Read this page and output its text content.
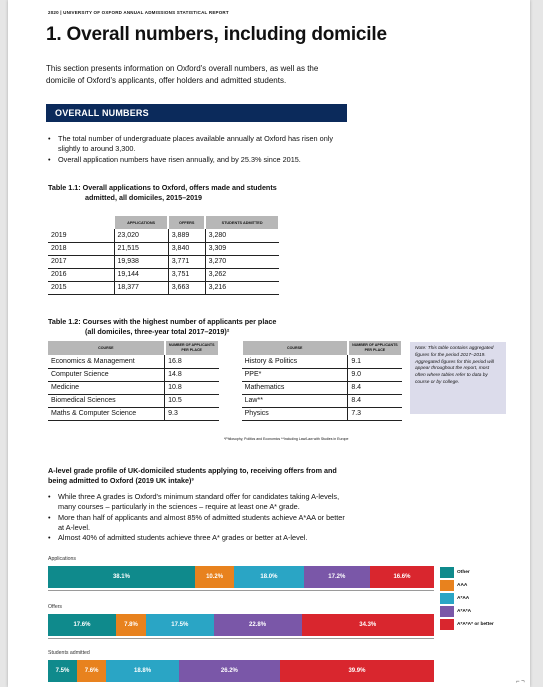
2020 | UNIVERSITY OF OXFORD ANNUAL ADMISSIONS STATISTICAL REPORT
1. Overall numbers, including domicile
This section presents information on Oxford's overall numbers, as well as the domicile of Oxford's applicants, offer holders and admitted students.
OVERALL NUMBERS
• The total number of undergraduate places available annually at Oxford has risen only slightly to around 3,300.
• Overall application numbers have risen annually, and by 25.3% since 2015.
Table 1.1: Overall applications to Oxford, offers made and students
admitted, all domiciles, 2015–2019
	APPLICATIONS	OFFERS	STUDENTS ADMITTED
2019	23,020	3,889	3,280
2018	21,515	3,840	3,309
2017	19,938	3,771	3,270
2016	19,144	3,751	3,262
2015	18,377	3,663	3,216
Table 1.2: Courses with the highest number of applicants per place
(all domiciles, three-year total 2017–2019)²
COURSE	NUMBER OF APPLICANTS PER PLACE		COURSE	NUMBER OF APPLICANTS PER PLACE
Economics & Management	16.8		History & Politics	9.1
Computer Science	14.8		PPE*	9.0
Medicine	10.8		Mathematics	8.4
Biomedical Sciences	10.5		Law**	8.4
Maths & Computer Science	9.3		Physics	7.3
*Philosophy, Politics and Economics **Including Law/Law with Studies in Europe
Note: This table contains aggregated figures for the period 2017–2019. Aggregated figures for this period will appear throughout the report, most often where tables refer to data by course or by college.
A-level grade profile of UK-domiciled students applying to, receiving offers from and being admitted to Oxford (2019 UK intake)³
• While three A grades is Oxford's minimum standard offer for candidates taking A-levels, many courses – particularly in the sciences – require at least one A* grade.
• More than half of applicants and almost 85% of admitted students achieve A*AA or better at A-level.
• Almost 40% of admitted students achieve three A* grades or better at A-level.
Applications
38.1%	10.2%	18.0%	17.2%	16.6%
Offers
17.6%	7.8%	17.5%	22.8%	34.3%
Students admitted
7.5%	7.6%	18.8%	26.2%	39.9%
Other
AAA
A*AA
A*A*A
A*A*A* or better
⌐ ¬
